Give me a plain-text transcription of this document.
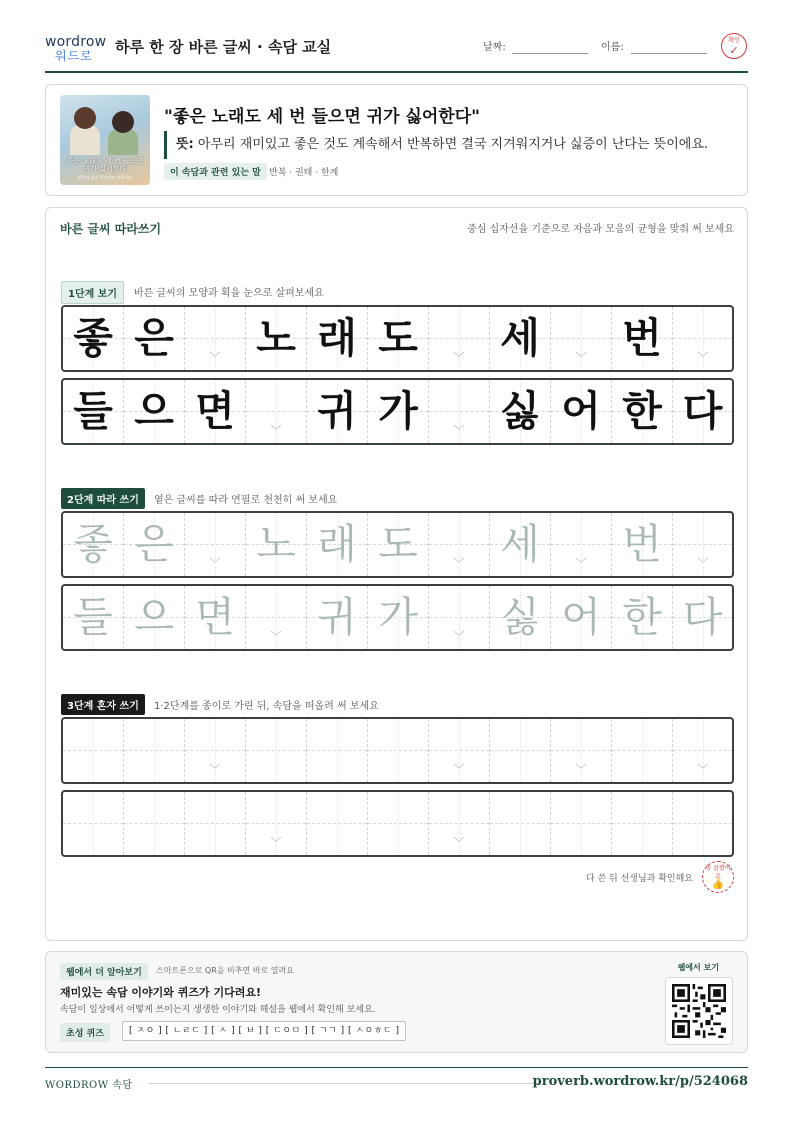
wordrow
워드로 하루 한 장 바른 글씨 · 속담 교실	날짜:	이름:
확인
✓
좋은 노래도 세 번 들으면 귀가 싫어한다
아무리 좋은 것이라도 반복하면
"좋은 노래도 세 번 들으면 귀가 싫어한다"
뜻: 아무리 재미있고 좋은 것도 계속해서 반복하면 결국 지겨워지거나 싫증이 난다는 뜻이에요.
이 속담과 관련 있는 말 반복 · 권태 · 한계
바른 글씨 따라쓰기	중심 십자선을 기준으로 자음과 모음의 균형을 맞춰 써 보세요
1단계 보기	바른 글씨의 모양과 획을 눈으로 살펴보세요
좋 은	﹀ 노 래 도	﹀ 세	﹀ 번	﹀
들 으 면	﹀ 귀 가	﹀ 싫 어 한 다
2단계 따라 쓰기	옅은 글씨를 따라 연필로 천천히 써 보세요
좋 은	﹀ 노 래 도	﹀ 세	﹀ 번	﹀
들 으 면	﹀ 귀 가	﹀ 싫 어 한 다
3단계 혼자 쓰기	1·2단계를 종이로 가린 뒤, 속담을 떠올려 써 보세요
﹀	﹀	﹀	﹀
﹀	﹀
다 쓴 뒤 선생님과 확인해요
참 잘했어요
👍
웹에서 더 알아보기	스마트폰으로 QR을 비추면 바로 열려요
재미있는 속담 이야기와 퀴즈가 기다려요!
속담이 일상에서 어떻게 쓰이는지 생생한 이야기와 해설을 웹에서 확인해 보세요.
초성 퀴즈	[ ㅈㅇ ] [ ㄴㄹㄷ ] [ ㅅ ] [ ㅂ ] [ ㄷㅇㅁ ] [ ㄱㄱ ] [ ㅅㅇㅎㄷ ]
웹에서 보기
WORDROW 속담	proverb.wordrow.kr/p/524068
